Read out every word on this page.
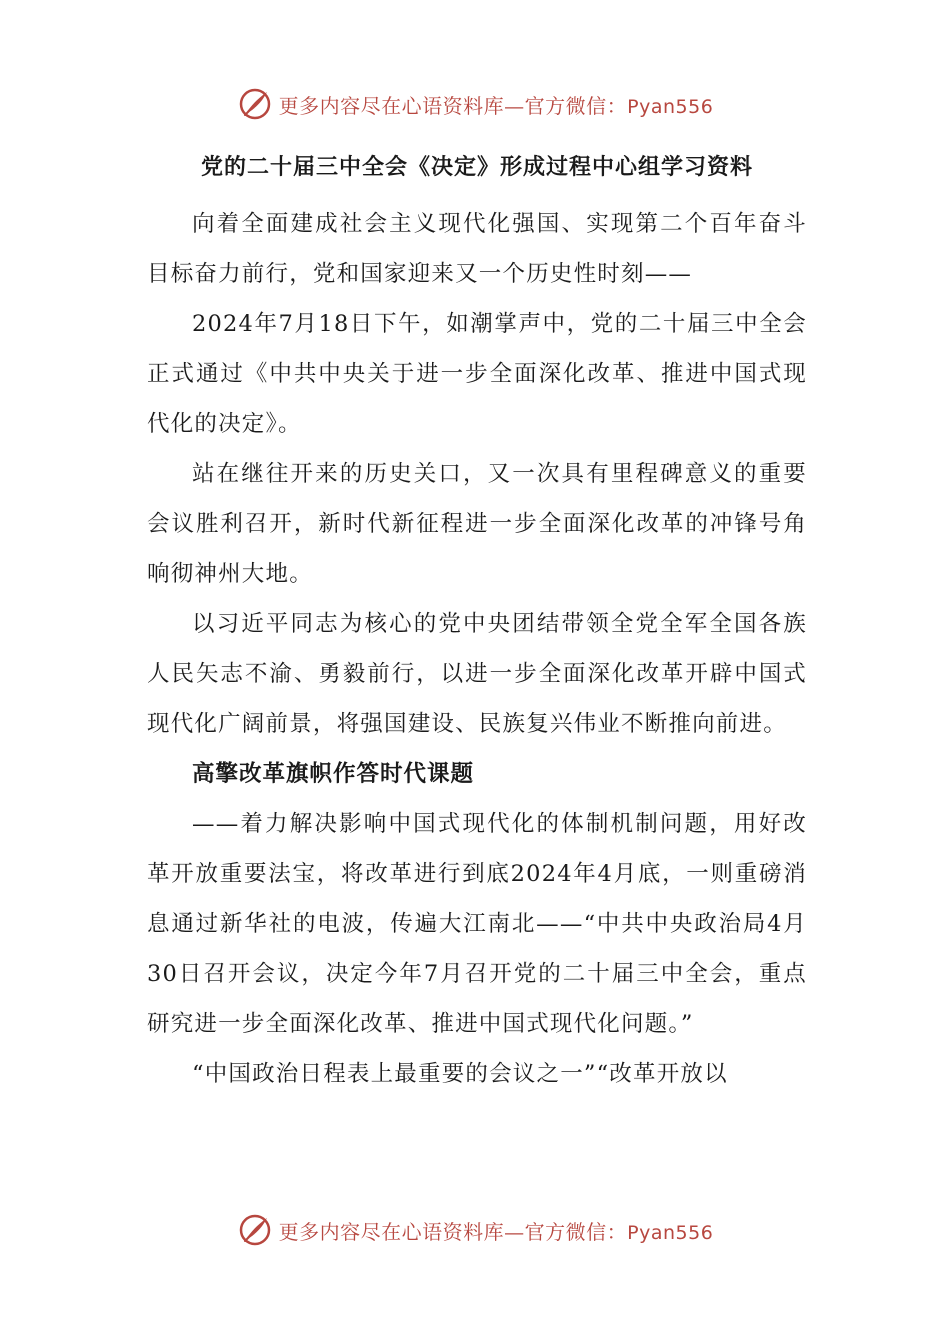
更多内容尽在心语资料库—官方微信：Pyan556
党的二十届三中全会《决定》形成过程中心组学习资料

向着全面建成社会主义现代化强国、实现第二个百年奋斗目标奋力前行，党和国家迎来又一个历史性时刻——

2024年7月18日下午，如潮掌声中，党的二十届三中全会正式通过《中共中央关于进一步全面深化改革、推进中国式现代化的决定》。

站在继往开来的历史关口，又一次具有里程碑意义的重要会议胜利召开，新时代新征程进一步全面深化改革的冲锋号角响彻神州大地。

以习近平同志为核心的党中央团结带领全党全军全国各族人民矢志不渝、勇毅前行，以进一步全面深化改革开辟中国式现代化广阔前景，将强国建设、民族复兴伟业不断推向前进。

高擎改革旗帜作答时代课题

——着力解决影响中国式现代化的体制机制问题，用好改革开放重要法宝，将改革进行到底2024年4月底，一则重磅消息通过新华社的电波，传遍大江南北——“中共中央政治局4月30日召开会议，决定今年7月召开党的二十届三中全会，重点研究进一步全面深化改革、推进中国式现代化问题。”

“中国政治日程表上最重要的会议之一”“改革开放以

更多内容尽在心语资料库—官方微信：Pyan556
